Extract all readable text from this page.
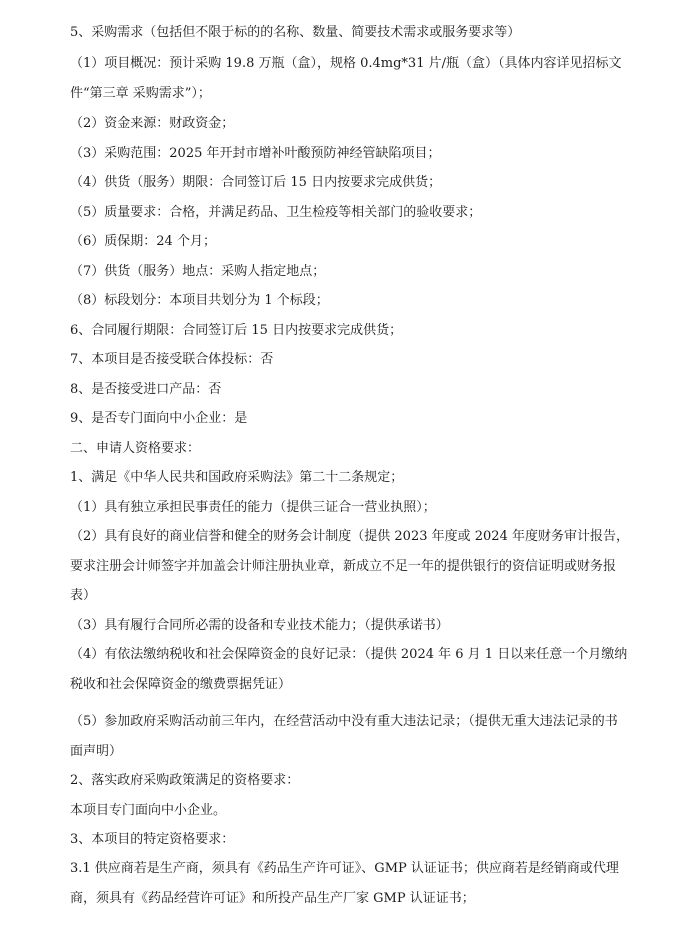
5、采购需求（包括但不限于标的的名称、数量、简要技术需求或服务要求等）
（1）项目概况：预计采购 19.8 万瓶（盒），规格 0.4mg*31 片/瓶（盒）（具体内容详见招标文件“第三章 采购需求”）；
（2）资金来源：财政资金；
（3）采购范围：2025 年开封市增补叶酸预防神经管缺陷项目；
（4）供货（服务）期限：合同签订后 15 日内按要求完成供货；
（5）质量要求：合格，并满足药品、卫生检疫等相关部门的验收要求；
（6）质保期：24 个月；
（7）供货（服务）地点：采购人指定地点；
（8）标段划分：本项目共划分为 1 个标段；
6、合同履行期限：合同签订后 15 日内按要求完成供货；
7、本项目是否接受联合体投标：否
8、是否接受进口产品：否
9、是否专门面向中小企业：是
二、申请人资格要求：
1、满足《中华人民共和国政府采购法》第二十二条规定；
（1）具有独立承担民事责任的能力（提供三证合一营业执照）；
（2）具有良好的商业信誉和健全的财务会计制度（提供 2023 年度或 2024 年度财务审计报告，要求注册会计师签字并加盖会计师注册执业章，新成立不足一年的提供银行的资信证明或财务报表）
（3）具有履行合同所必需的设备和专业技术能力；（提供承诺书）
（4）有依法缴纳税收和社会保障资金的良好记录：（提供 2024 年 6 月 1 日以来任意一个月缴纳税收和社会保障资金的缴费票据凭证）
（5）参加政府采购活动前三年内，在经营活动中没有重大违法记录；（提供无重大违法记录的书面声明）
2、落实政府采购政策满足的资格要求：
本项目专门面向中小企业。
3、本项目的特定资格要求：
3.1 供应商若是生产商，须具有《药品生产许可证》、GMP 认证证书；供应商若是经销商或代理商，须具有《药品经营许可证》和所投产品生产厂家 GMP 认证证书；
